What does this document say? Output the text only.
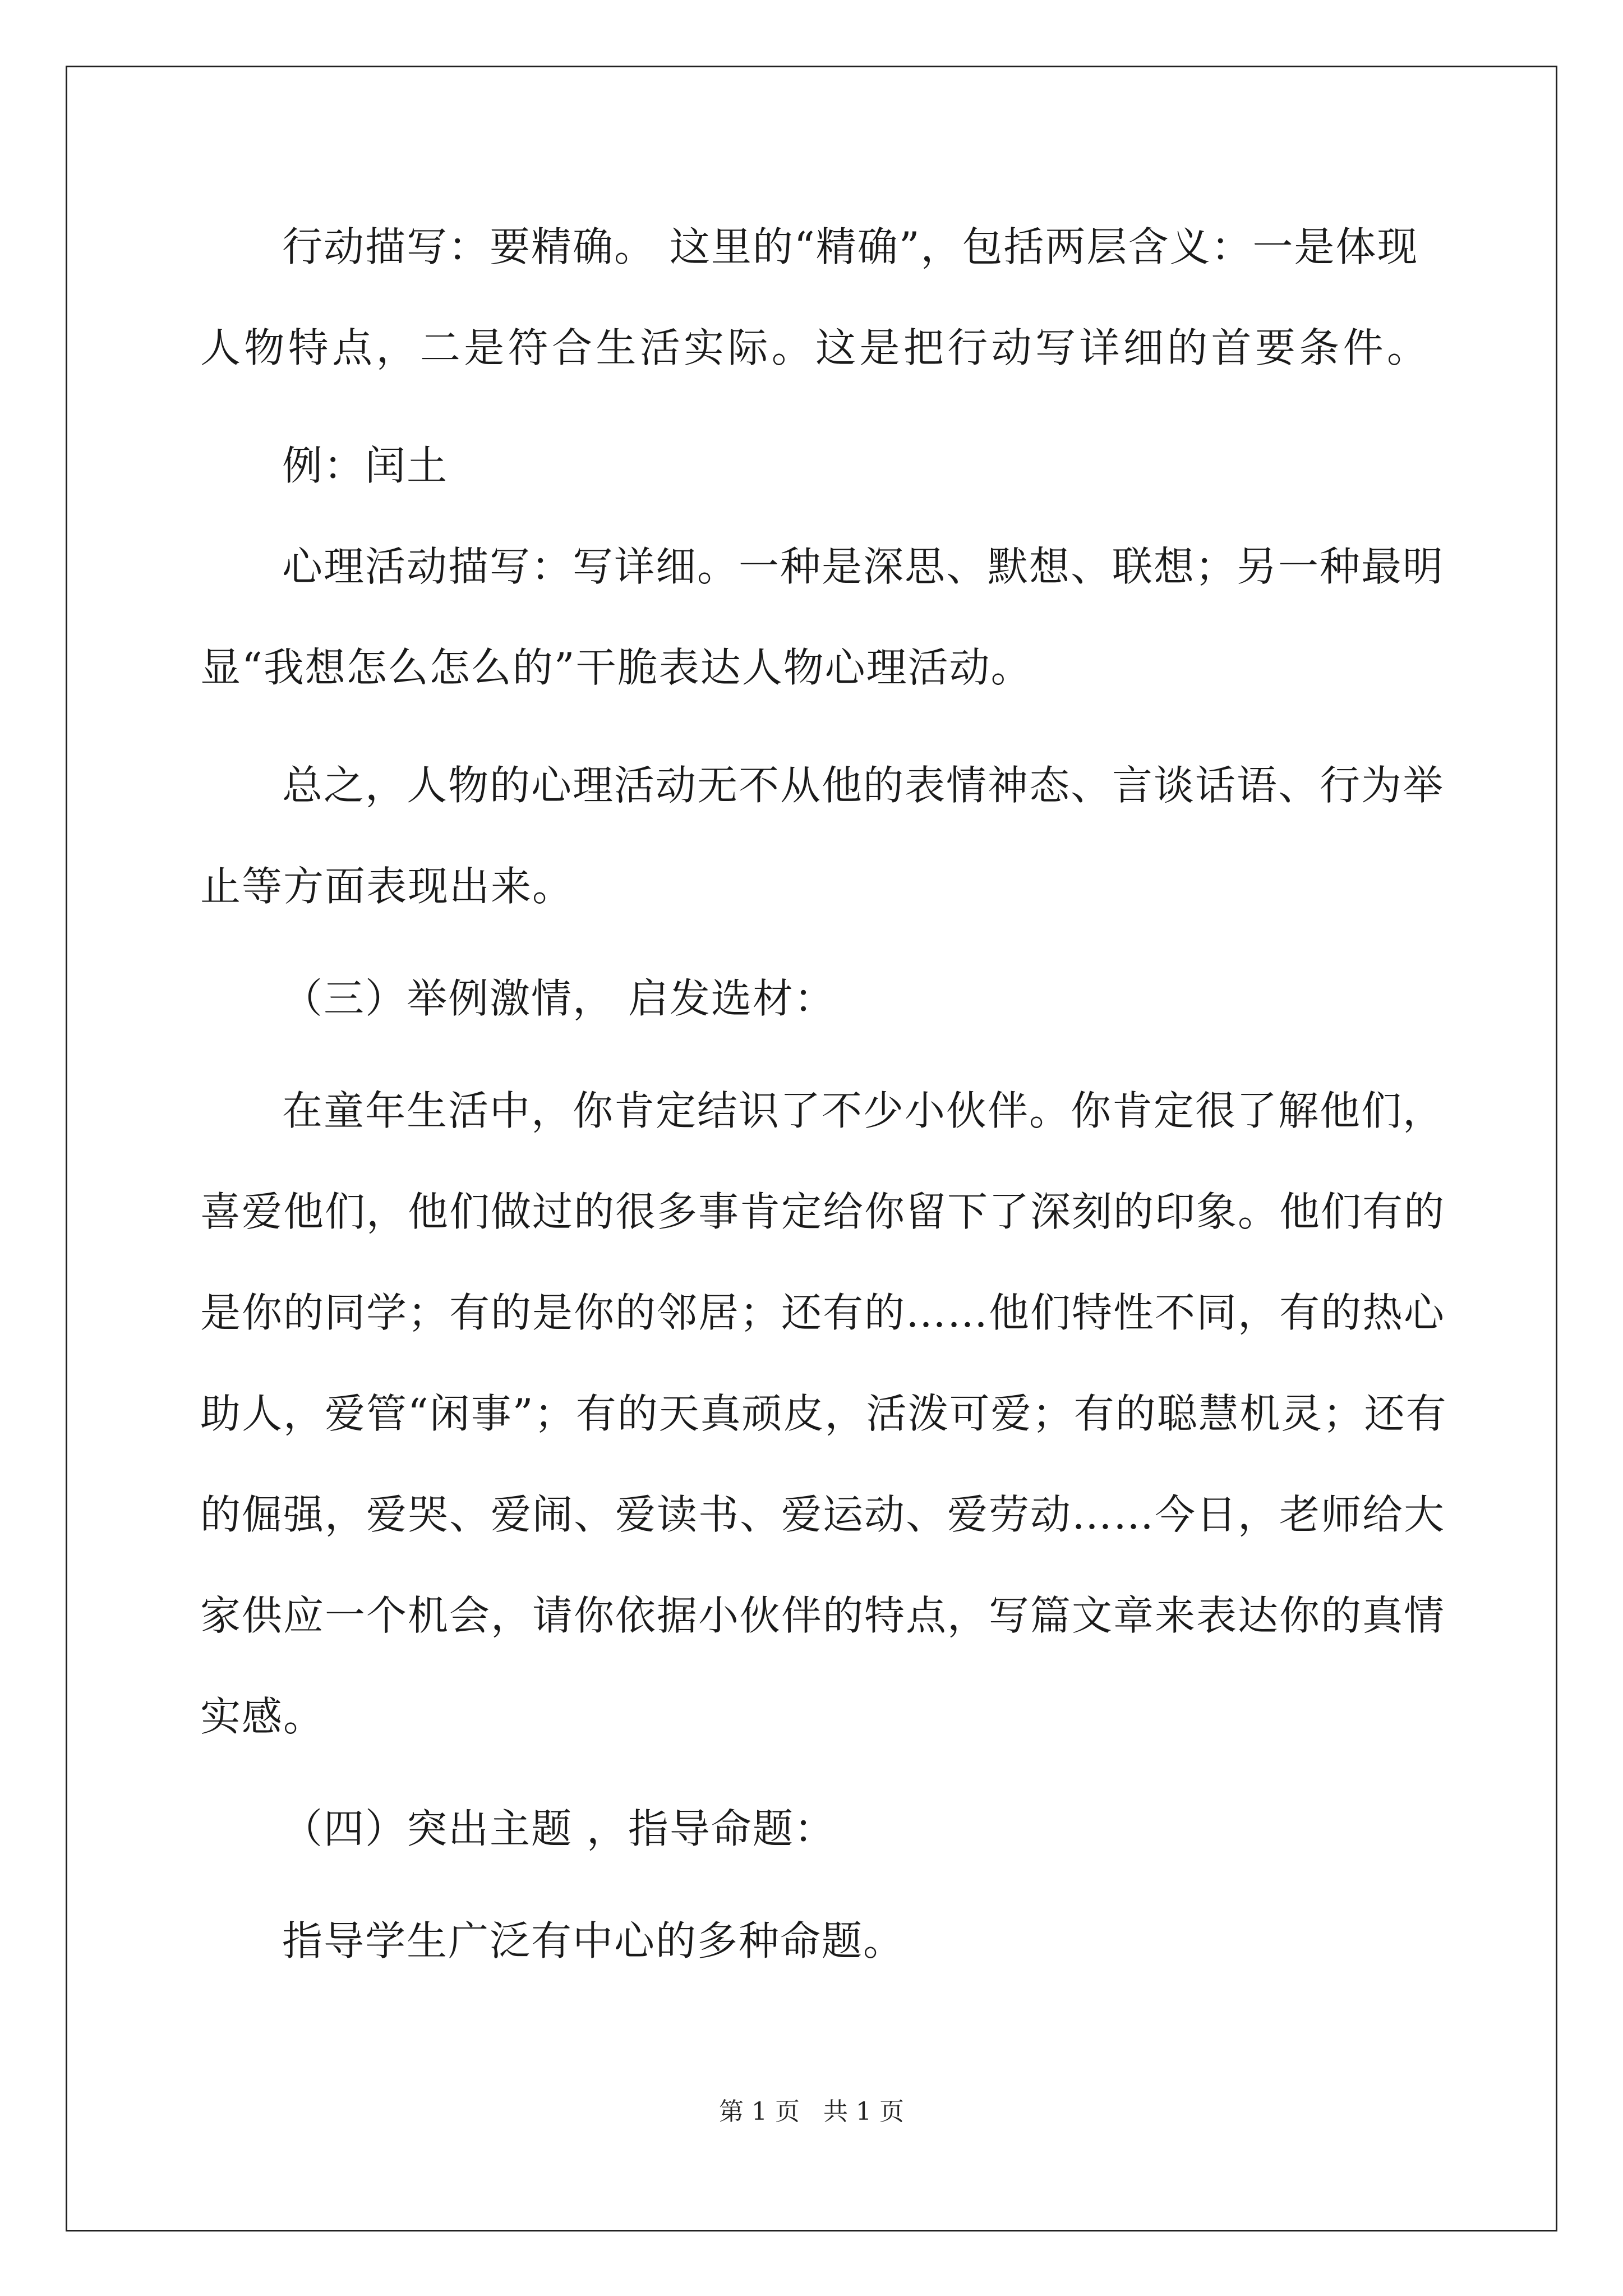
行动描写：要精确。 这里的“精确”，包括两层含义：一是体现
人物特点，二是符合生活实际。这是把行动写详细的首要条件。
例：闰土
心理活动描写：写详细。一种是深思、默想、联想；另一种最明
显“我想怎么怎么的”干脆表达人物心理活动。
总之，人物的心理活动无不从他的表情神态、言谈话语、行为举
止等方面表现出来。
（三）举例激情， 启发选材：
在童年生活中，你肯定结识了不少小伙伴。你肯定很了解他们，
喜爱他们，他们做过的很多事肯定给你留下了深刻的印象。他们有的
是你的同学；有的是你的邻居；还有的……他们特性不同，有的热心
助人，爱管“闲事”；有的天真顽皮，活泼可爱；有的聪慧机灵；还有
的倔强，爱哭、爱闹、爱读书、爱运动、爱劳动……今日，老师给大
家供应一个机会，请你依据小伙伴的特点，写篇文章来表达你的真情
实感。
（四）突出主题 ，指导命题：
指导学生广泛有中心的多种命题。
第 1 页 共 1 页
